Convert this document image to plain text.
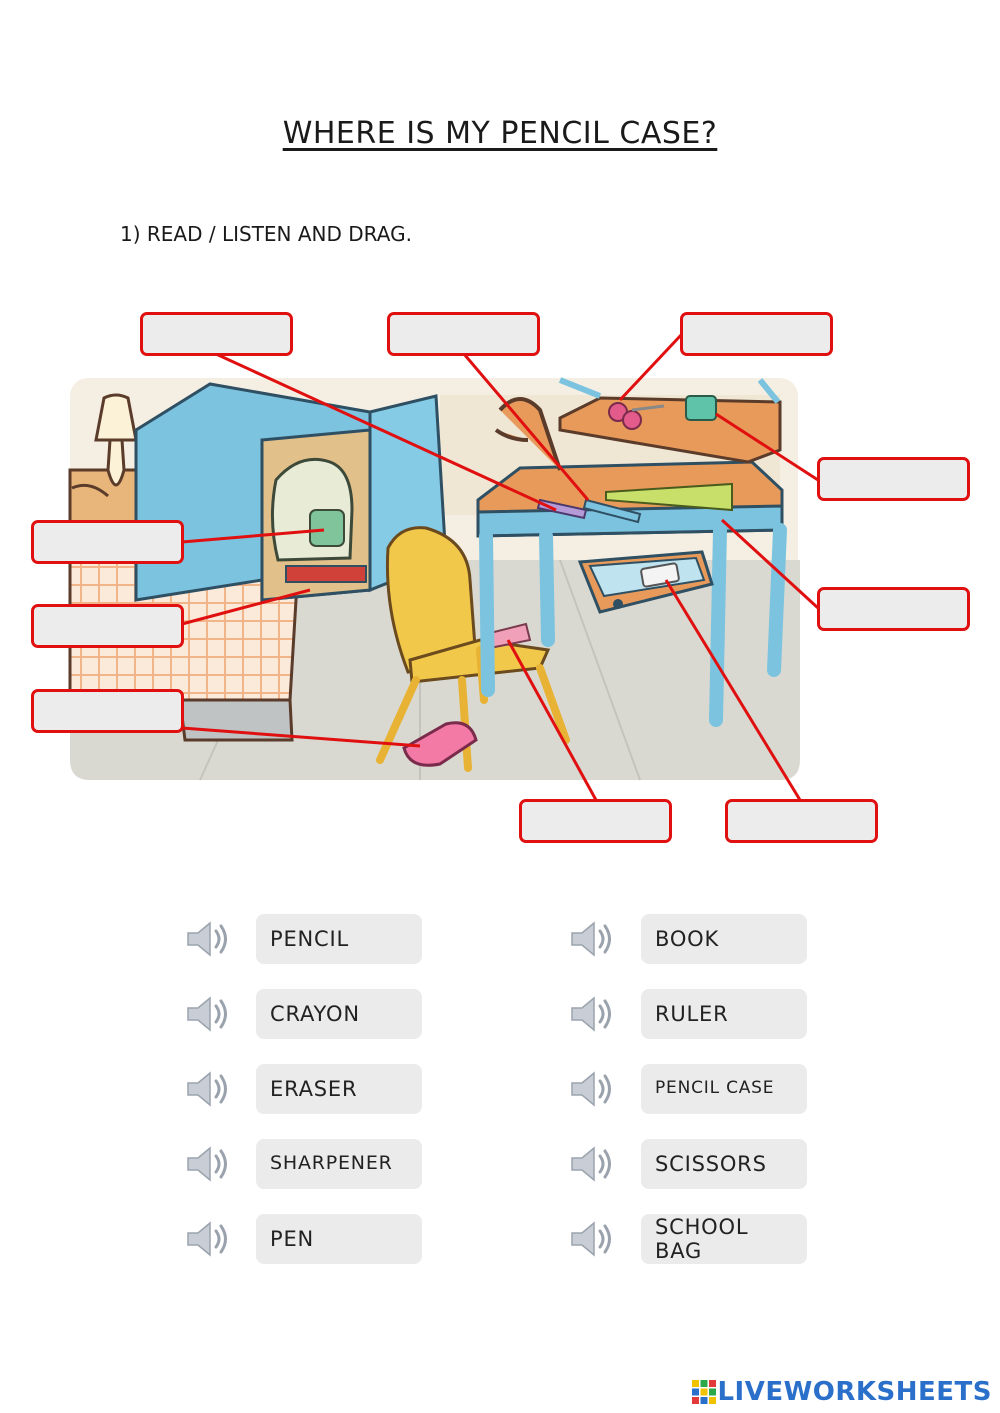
WHERE IS MY PENCIL CASE?
1) READ / LISTEN AND DRAG.
PENCIL
CRAYON
ERASER
SHARPENER
PEN
BOOK
RULER
PENCIL CASE
SCISSORS
SCHOOL BAG
LIVEWORKSHEETS
